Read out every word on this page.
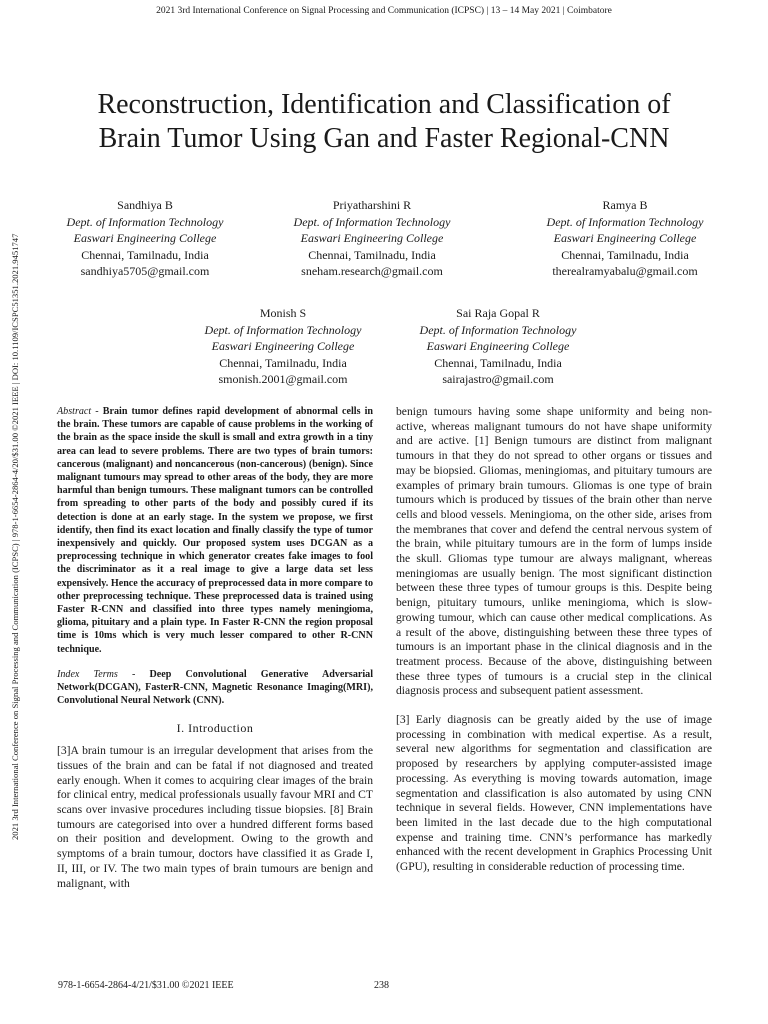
2021 3rd International Conference on Signal Processing and Communication (ICPSC) | 13 – 14 May 2021 | Coimbatore
2021 3rd International Conference on Signal Processing and Communication (ICPSC) | 978-1-6654-2864-4/20/$31.00 ©2021 IEEE | DOI: 10.1109/ICSPC51351.2021.9451747
Reconstruction, Identification and Classification of
Brain Tumor Using Gan and Faster Regional-CNN
Sandhiya B
Dept. of Information Technology
Easwari Engineering College
Chennai, Tamilnadu, India
sandhiya5705@gmail.com
Priyatharshini R
Dept. of Information Technology
Easwari Engineering College
Chennai, Tamilnadu, India
sneham.research@gmail.com
Ramya B
Dept. of Information Technology
Easwari Engineering College
Chennai, Tamilnadu, India
therealramyabalu@gmail.com
Monish S
Dept. of Information Technology
Easwari Engineering College
Chennai, Tamilnadu, India
smonish.2001@gmail.com
Sai Raja Gopal R
Dept. of Information Technology
Easwari Engineering College
Chennai, Tamilnadu, India
sairajastro@gmail.com

Abstract - Brain tumor defines rapid development of abnormal cells in the brain. These tumors are capable of cause problems in the working of the brain as the space inside the skull is small and extra growth in a tiny area can lead to severe problems. There are two types of brain tumors: cancerous (malignant) and noncancerous (non-cancerous) (benign). Since malignant tumours may spread to other areas of the body, they are more harmful than benign tumours. These malignant tumors can be controlled from spreading to other parts of the body and possibly cured if its detection is done at an early stage. In the system we propose, we first identify, then find its exact location and finally classify the type of tumor inexpensively and quickly. Our proposed system uses DCGAN as a preprocessing technique in which generator creates fake images to fool the discriminator as it a real image to give a large data set less expensively. Hence the accuracy of preprocessed data in more compare to other preprocessing technique. These preprocessed data is trained using Faster R-CNN and classified into three types namely meningioma, glioma, pituitary and a plain type. In Faster R-CNN the region proposal time is 10ms which is very much lesser compared to other R-CNN technique.

Index Terms - Deep Convolutional Generative Adversarial Network(DCGAN), FasterR-CNN, Magnetic Resonance Imaging(MRI), Convolutional Neural Network (CNN).

I. Introduction

[3]A brain tumour is an irregular development that arises from the tissues of the brain and can be fatal if not diagnosed and treated early enough. When it comes to acquiring clear images of the brain for clinical entry, medical professionals usually favour MRI and CT scans over invasive procedures including tissue biopsies. [8] Brain tumours are categorised into over a hundred different forms based on their position and development. Owing to the growth and symptoms of a brain tumour, doctors have classified it as Grade I, II, III, or IV. The two main types of brain tumours are benign and malignant, with

benign tumours having some shape uniformity and being non-active, whereas malignant tumours do not have shape uniformity and are active. [1] Benign tumours are distinct from malignant tumours in that they do not spread to other organs or tissues and may be biopsied. Gliomas, meningiomas, and pituitary tumours are examples of primary brain tumours. Gliomas is one type of brain tumours which is produced by tissues of the brain other than nerve cells and blood vessels. Meningioma, on the other side, arises from the membranes that cover and defend the central nervous system of the brain, while pituitary tumours are in the form of lumps inside the skull. Gliomas type tumour are always malignant, whereas meningiomas are usually benign. The most significant distinction between these three types of tumour groups is this. Despite being benign, pituitary tumours, unlike meningioma, which is slow-growing tumour, which can cause other medical complications. As a result of the above, distinguishing between these three types of tumours is an important phase in the clinical diagnosis and in the treatment process. Because of the above, distinguishing between these three types of tumours is a crucial step in the clinical diagnosis process and subsequent patient assessment.

[3] Early diagnosis can be greatly aided by the use of image processing in combination with medical expertise. As a result, several new algorithms for segmentation and classification are proposed by researchers by applying computer-assisted image processing. As everything is moving towards automation, image segmentation and classification is also automated by using CNN technique in several fields. However, CNN implementations have been limited in the last decade due to the high computational expense and training time. CNN’s performance has markedly enhanced with the recent development in Graphics Processing Unit (GPU), resulting in considerable reduction of processing time.

978-1-6654-2864-4/21/$31.00 ©2021 IEEE	238
